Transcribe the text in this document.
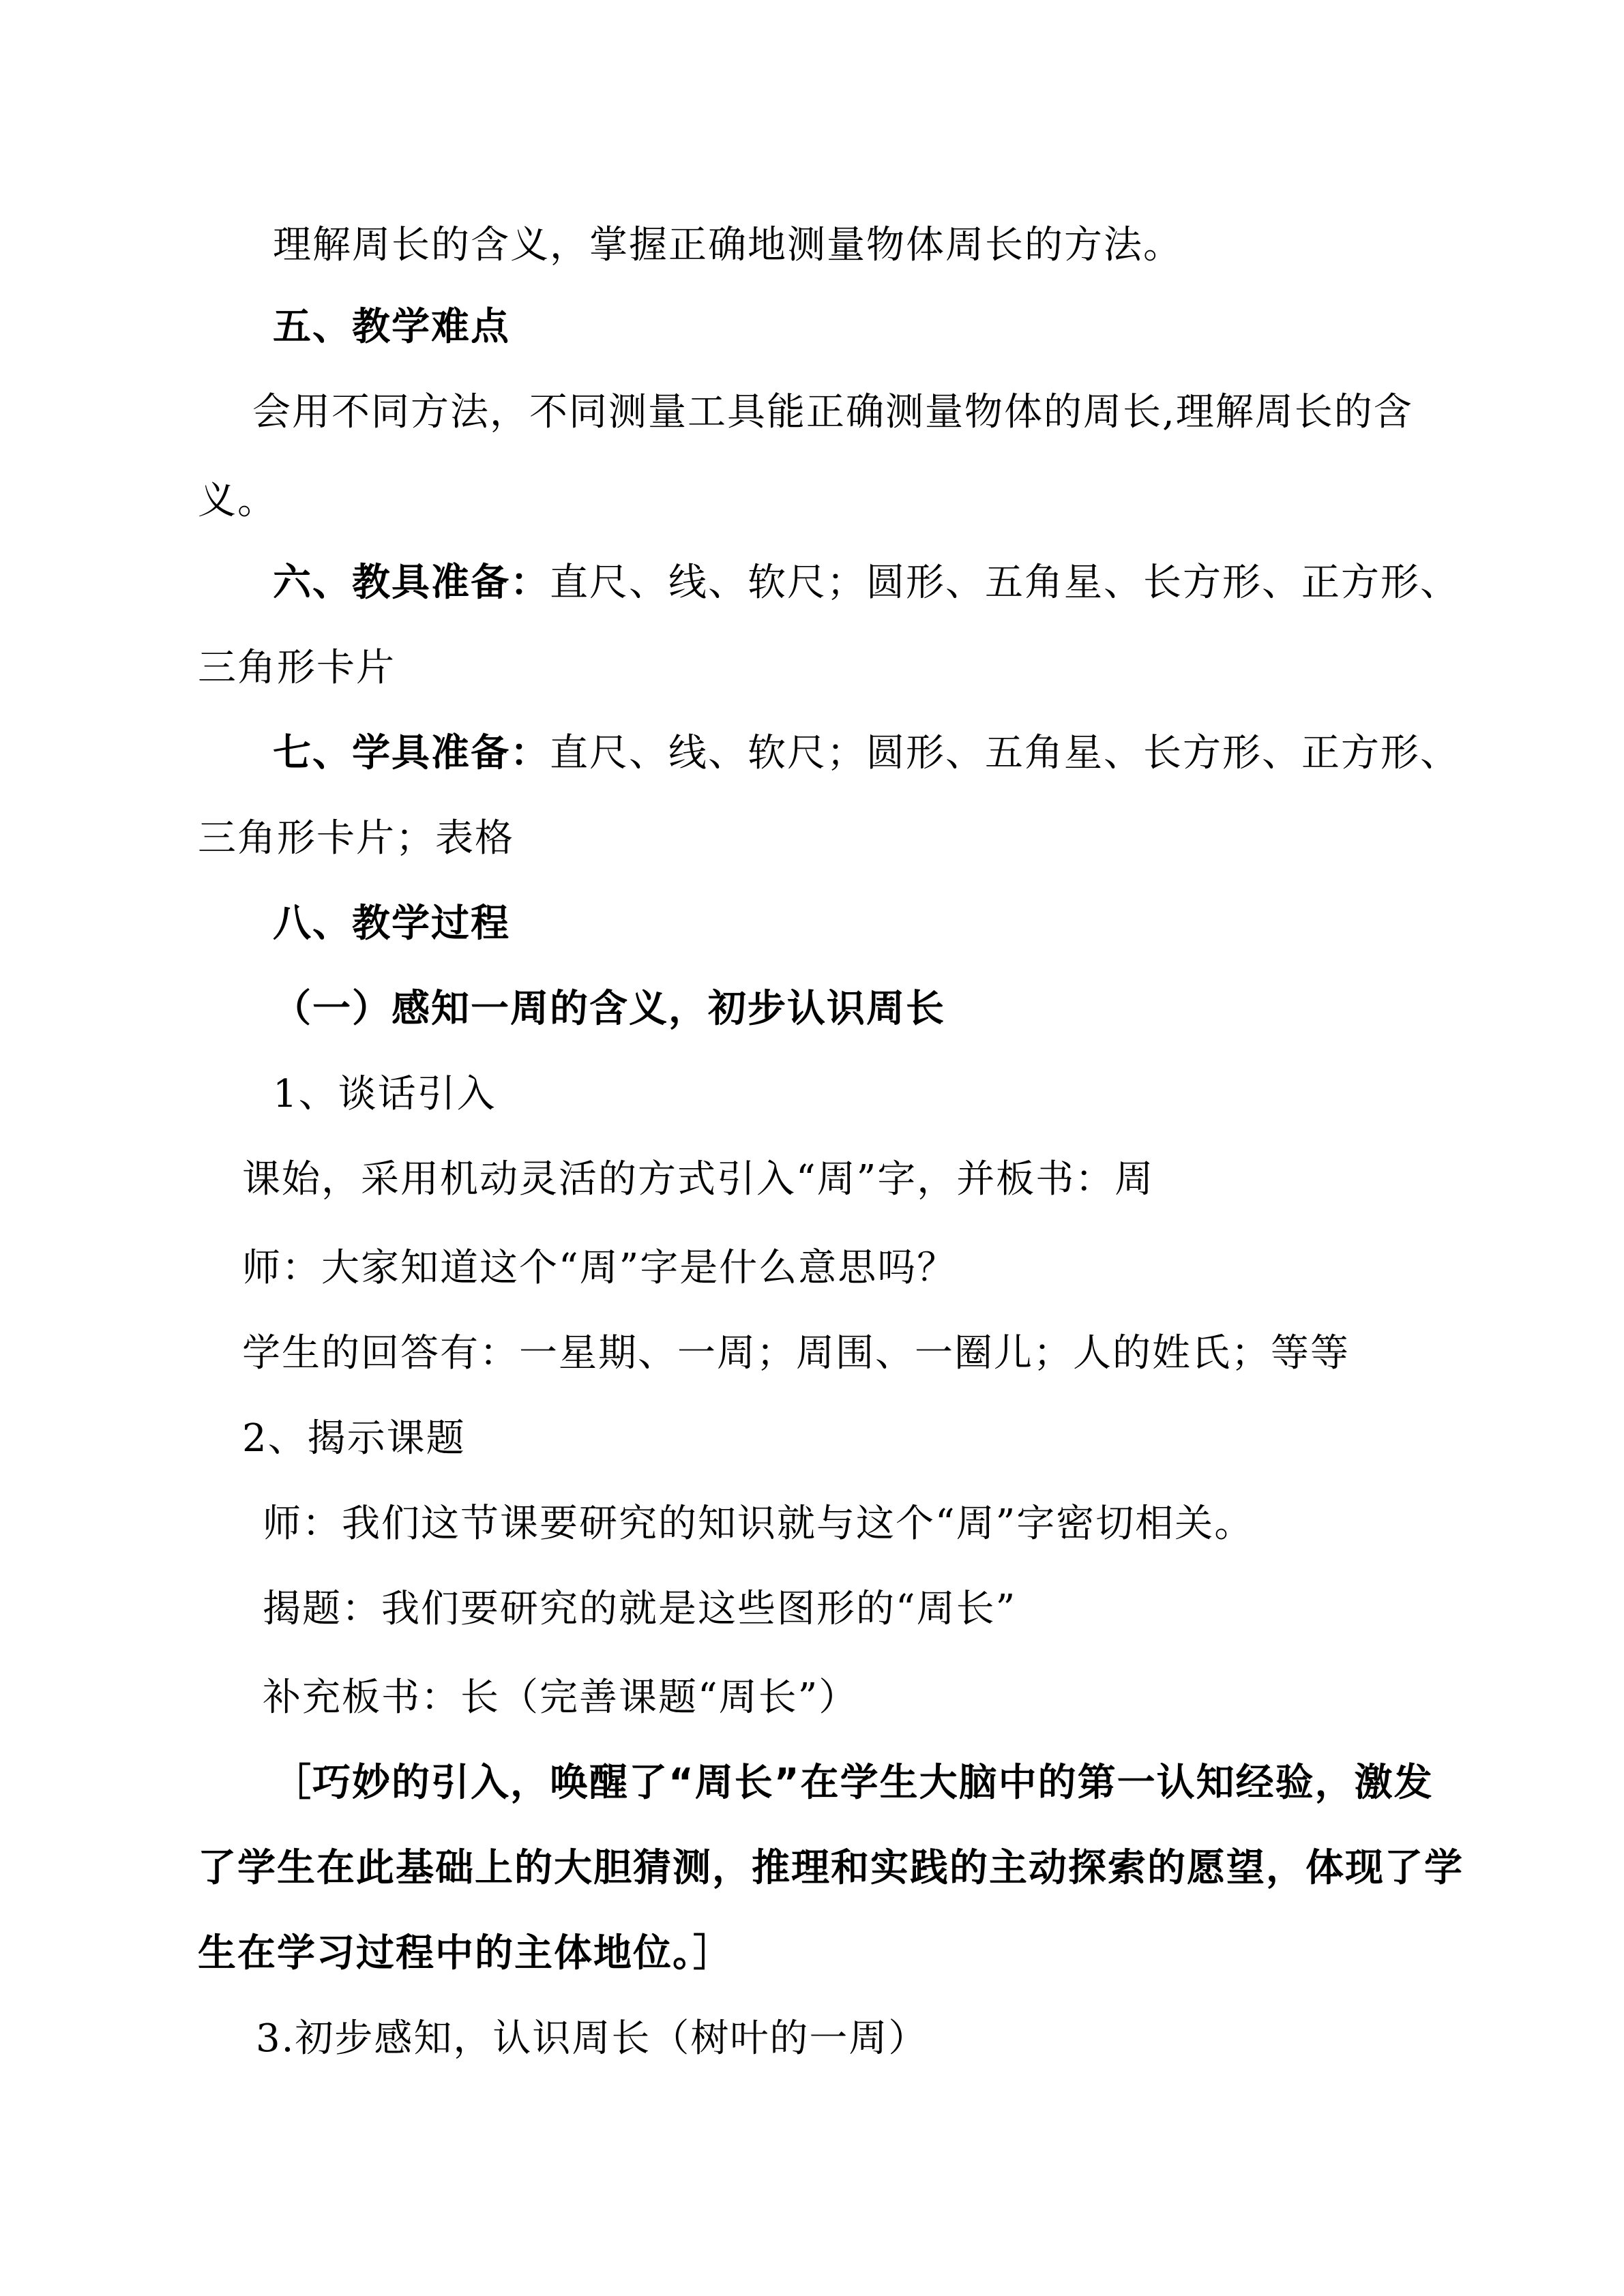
理解周长的含义，掌握正确地测量物体周长的方法。
五、教学难点
会用不同方法，不同测量工具能正确测量物体的周长,理解周长的含
义。
六、教具准备：直尺、线、软尺；圆形、五角星、长方形、正方形、
三角形卡片
七、学具准备：直尺、线、软尺；圆形、五角星、长方形、正方形、
三角形卡片；表格
八、教学过程
（一）感知一周的含义，初步认识周长
1、谈话引入
课始，采用机动灵活的方式引入“周”字，并板书：周
师：大家知道这个“周”字是什么意思吗？
学生的回答有：一星期、一周；周围、一圈儿；人的姓氏；等等
2、揭示课题
师：我们这节课要研究的知识就与这个“周”字密切相关。
揭题：我们要研究的就是这些图形的“周长”
补充板书：长（完善课题“周长”）
［巧妙的引入，唤醒了“周长”在学生大脑中的第一认知经验，激发
了学生在此基础上的大胆猜测，推理和实践的主动探索的愿望，体现了学
生在学习过程中的主体地位。］
3.初步感知，认识周长（树叶的一周）
